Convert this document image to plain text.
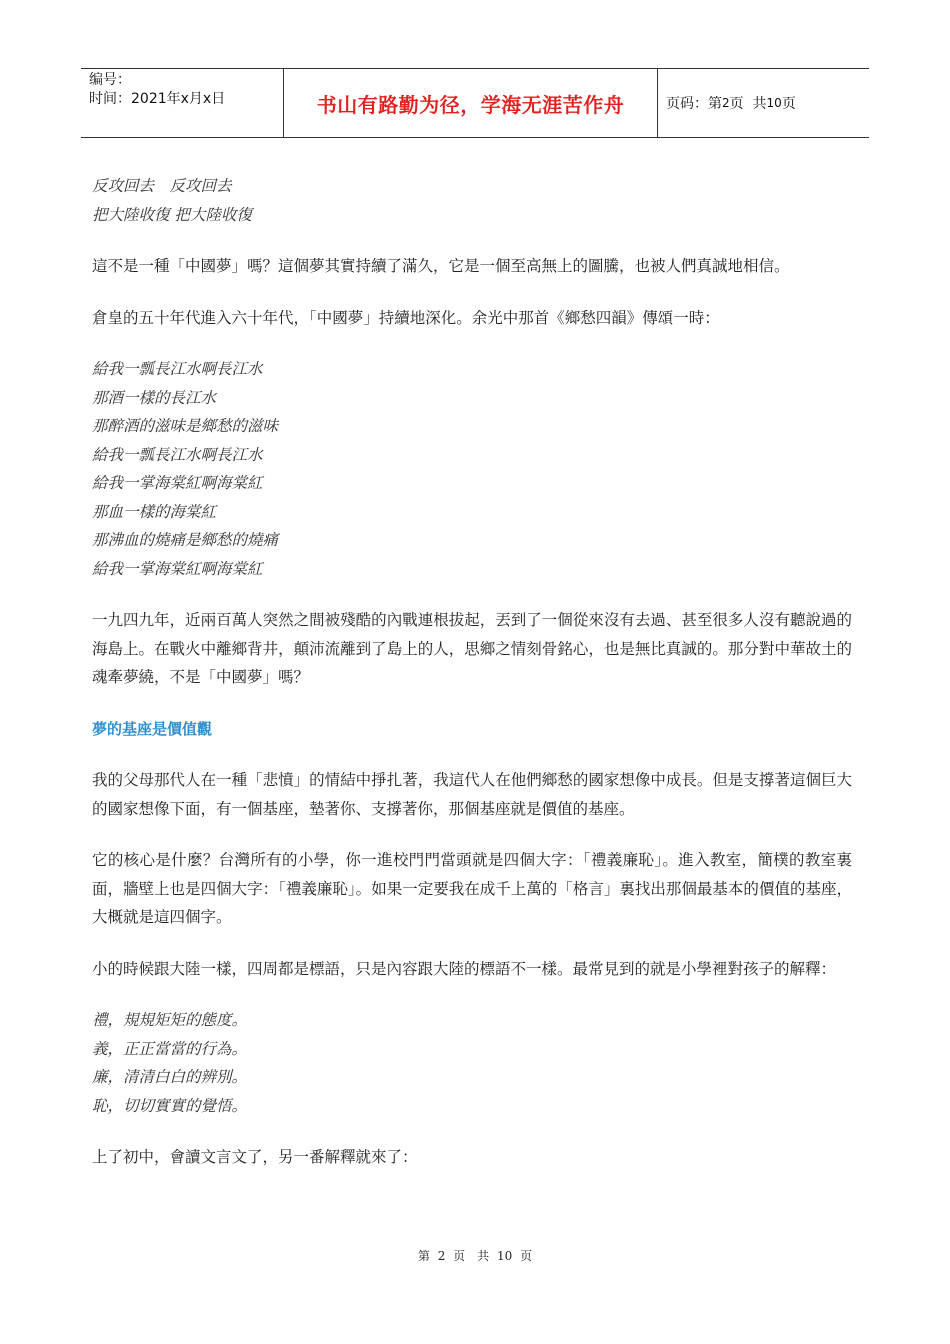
编号：
时间：2021年x月x日	书山有路勤为径，学海无涯苦作舟	页码：第 2 页  共 10 页
反攻回去　反攻回去
把大陸收復 把大陸收復

這不是一種「中國夢」嗎？這個夢其實持續了滿久，它是一個至高無上的圖騰，也被人們真誠地相信。

倉皇的五十年代進入六十年代，「中國夢」持續地深化。余光中那首《鄉愁四韻》傳頌一時：

給我一瓢長江水啊長江水
那酒一樣的長江水
那醉酒的滋味是鄉愁的滋味
給我一瓢長江水啊長江水
給我一掌海棠紅啊海棠紅
那血一樣的海棠紅
那沸血的燒痛是鄉愁的燒痛
給我一掌海棠紅啊海棠紅

一九四九年，近兩百萬人突然之間被殘酷的內戰連根拔起，丟到了一個從來沒有去過、甚至很多人沒有聽說過的海島上。在戰火中離鄉背井，顛沛流離到了島上的人，思鄉之情刻骨銘心，也是無比真誠的。那分對中華故土的魂牽夢繞，不是「中國夢」嗎？

夢的基座是價值觀

我的父母那代人在一種「悲憤」的情結中掙扎著，我這代人在他們鄉愁的國家想像中成長。但是支撐著這個巨大的國家想像下面，有一個基座，墊著你、支撐著你，那個基座就是價值的基座。

它的核心是什麼？台灣所有的小學，你一進校門門當頭就是四個大字：「禮義廉恥」。進入教室，簡樸的教室裏面，牆壁上也是四個大字：「禮義廉恥」。如果一定要我在成千上萬的「格言」裏找出那個最基本的價值的基座，大概就是這四個字。

小的時候跟大陸一樣，四周都是標語，只是內容跟大陸的標語不一樣。最常見到的就是小學裡對孩子的解釋：

禮，規規矩矩的態度。
義，正正當當的行為。
廉，清清白白的辨別。
恥，切切實實的覺悟。

上了初中，會讀文言文了，另一番解釋就來了：

第 2 页　共 10 页
